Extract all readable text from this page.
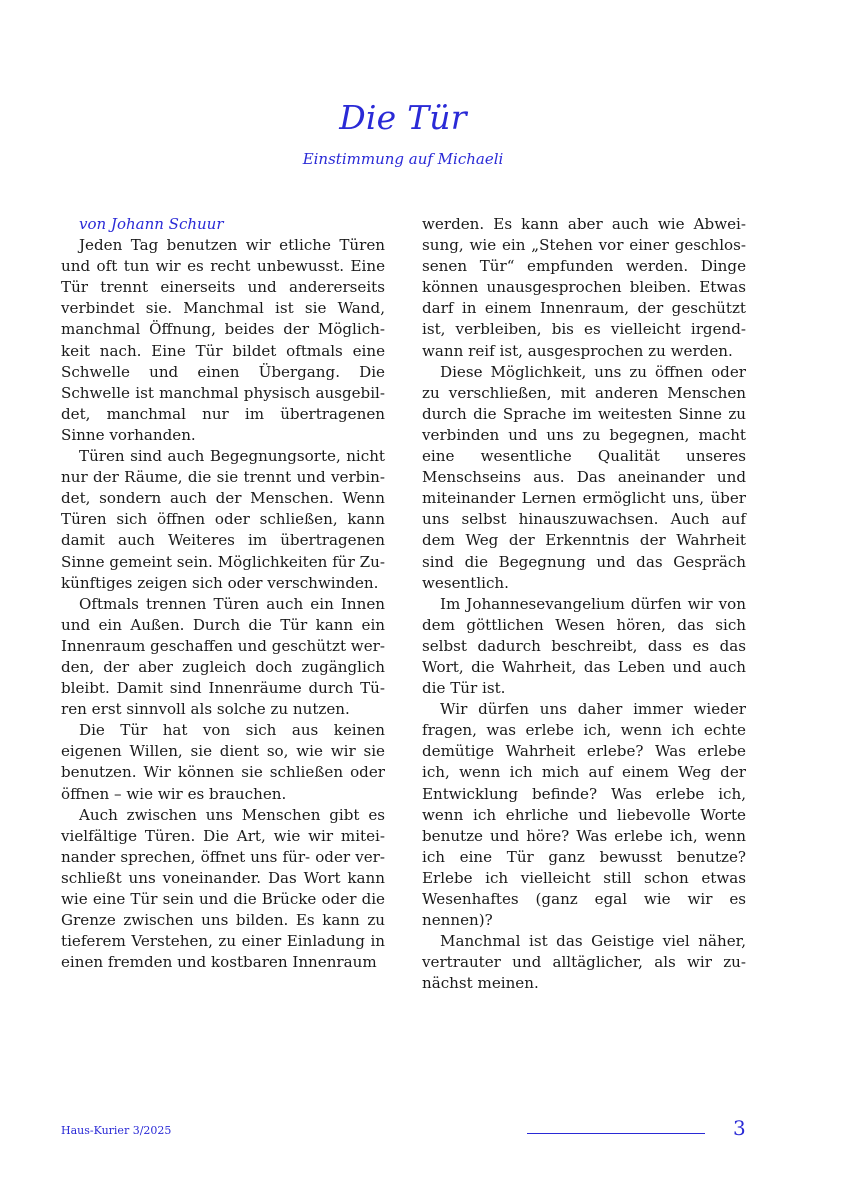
Die Tür
Einstimmung auf Michaeli

von Johann Schuur

Jeden Tag benutzen wir etliche Türen und oft tun wir es recht unbewusst. Eine Tür trennt einerseits und andererseits verbindet sie. Manchmal ist sie Wand, manchmal Öffnung, beides der Möglichkeit nach. Eine Tür bildet oftmals eine Schwelle und einen Übergang. Die Schwelle ist manchmal physisch ausgebildet, manchmal nur im übertragenen Sinne vorhanden.

Türen sind auch Begegnungsorte, nicht nur der Räume, die sie trennt und verbindet, sondern auch der Menschen. Wenn Türen sich öffnen oder schließen, kann damit auch Weiteres im übertragenen Sinne gemeint sein. Möglichkeiten für Zukünftiges zeigen sich oder verschwinden.

Oftmals trennen Türen auch ein Innen und ein Außen. Durch die Tür kann ein Innenraum geschaffen und geschützt werden, der aber zugleich doch zugänglich bleibt. Damit sind Innenräume durch Türen erst sinnvoll als solche zu nutzen.

Die Tür hat von sich aus keinen eigenen Willen, sie dient so, wie wir sie benutzen. Wir können sie schließen oder öffnen – wie wir es brauchen.

Auch zwischen uns Menschen gibt es vielfältige Türen. Die Art, wie wir miteinander sprechen, öffnet uns für- oder verschließt uns voneinander. Das Wort kann wie eine Tür sein und die Brücke oder die Grenze zwischen uns bilden. Es kann zu tieferem Verstehen, zu einer Einladung in einen fremden und kostbaren Innenraum

werden. Es kann aber auch wie Abweisung, wie ein „Stehen vor einer geschlossenen Tür“ empfunden werden. Dinge können unausgesprochen bleiben. Etwas darf in einem Innenraum, der geschützt ist, verbleiben, bis es vielleicht irgendwann reif ist, ausgesprochen zu werden.

Diese Möglichkeit, uns zu öffnen oder zu verschließen, mit anderen Menschen durch die Sprache im weitesten Sinne zu verbinden und uns zu begegnen, macht eine wesentliche Qualität unseres Menschseins aus. Das aneinander und miteinander Lernen ermöglicht uns, über uns selbst hinauszuwachsen. Auch auf dem Weg der Erkenntnis der Wahrheit sind die Begegnung und das Gespräch wesentlich.

Im Johannesevangelium dürfen wir von dem göttlichen Wesen hören, das sich selbst dadurch beschreibt, dass es das Wort, die Wahrheit, das Leben und auch die Tür ist.

Wir dürfen uns daher immer wieder fragen, was erlebe ich, wenn ich echte demütige Wahrheit erlebe? Was erlebe ich, wenn ich mich auf einem Weg der Entwicklung befinde? Was erlebe ich, wenn ich ehrliche und liebevolle Worte benutze und höre? Was erlebe ich, wenn ich eine Tür ganz bewusst benutze? Erlebe ich vielleicht still schon etwas Wesenhaftes (ganz egal wie wir es nennen)?

Manchmal ist das Geistige viel näher, vertrauter und alltäglicher, als wir zunächst meinen.

Haus-Kurier 3/2025	3
